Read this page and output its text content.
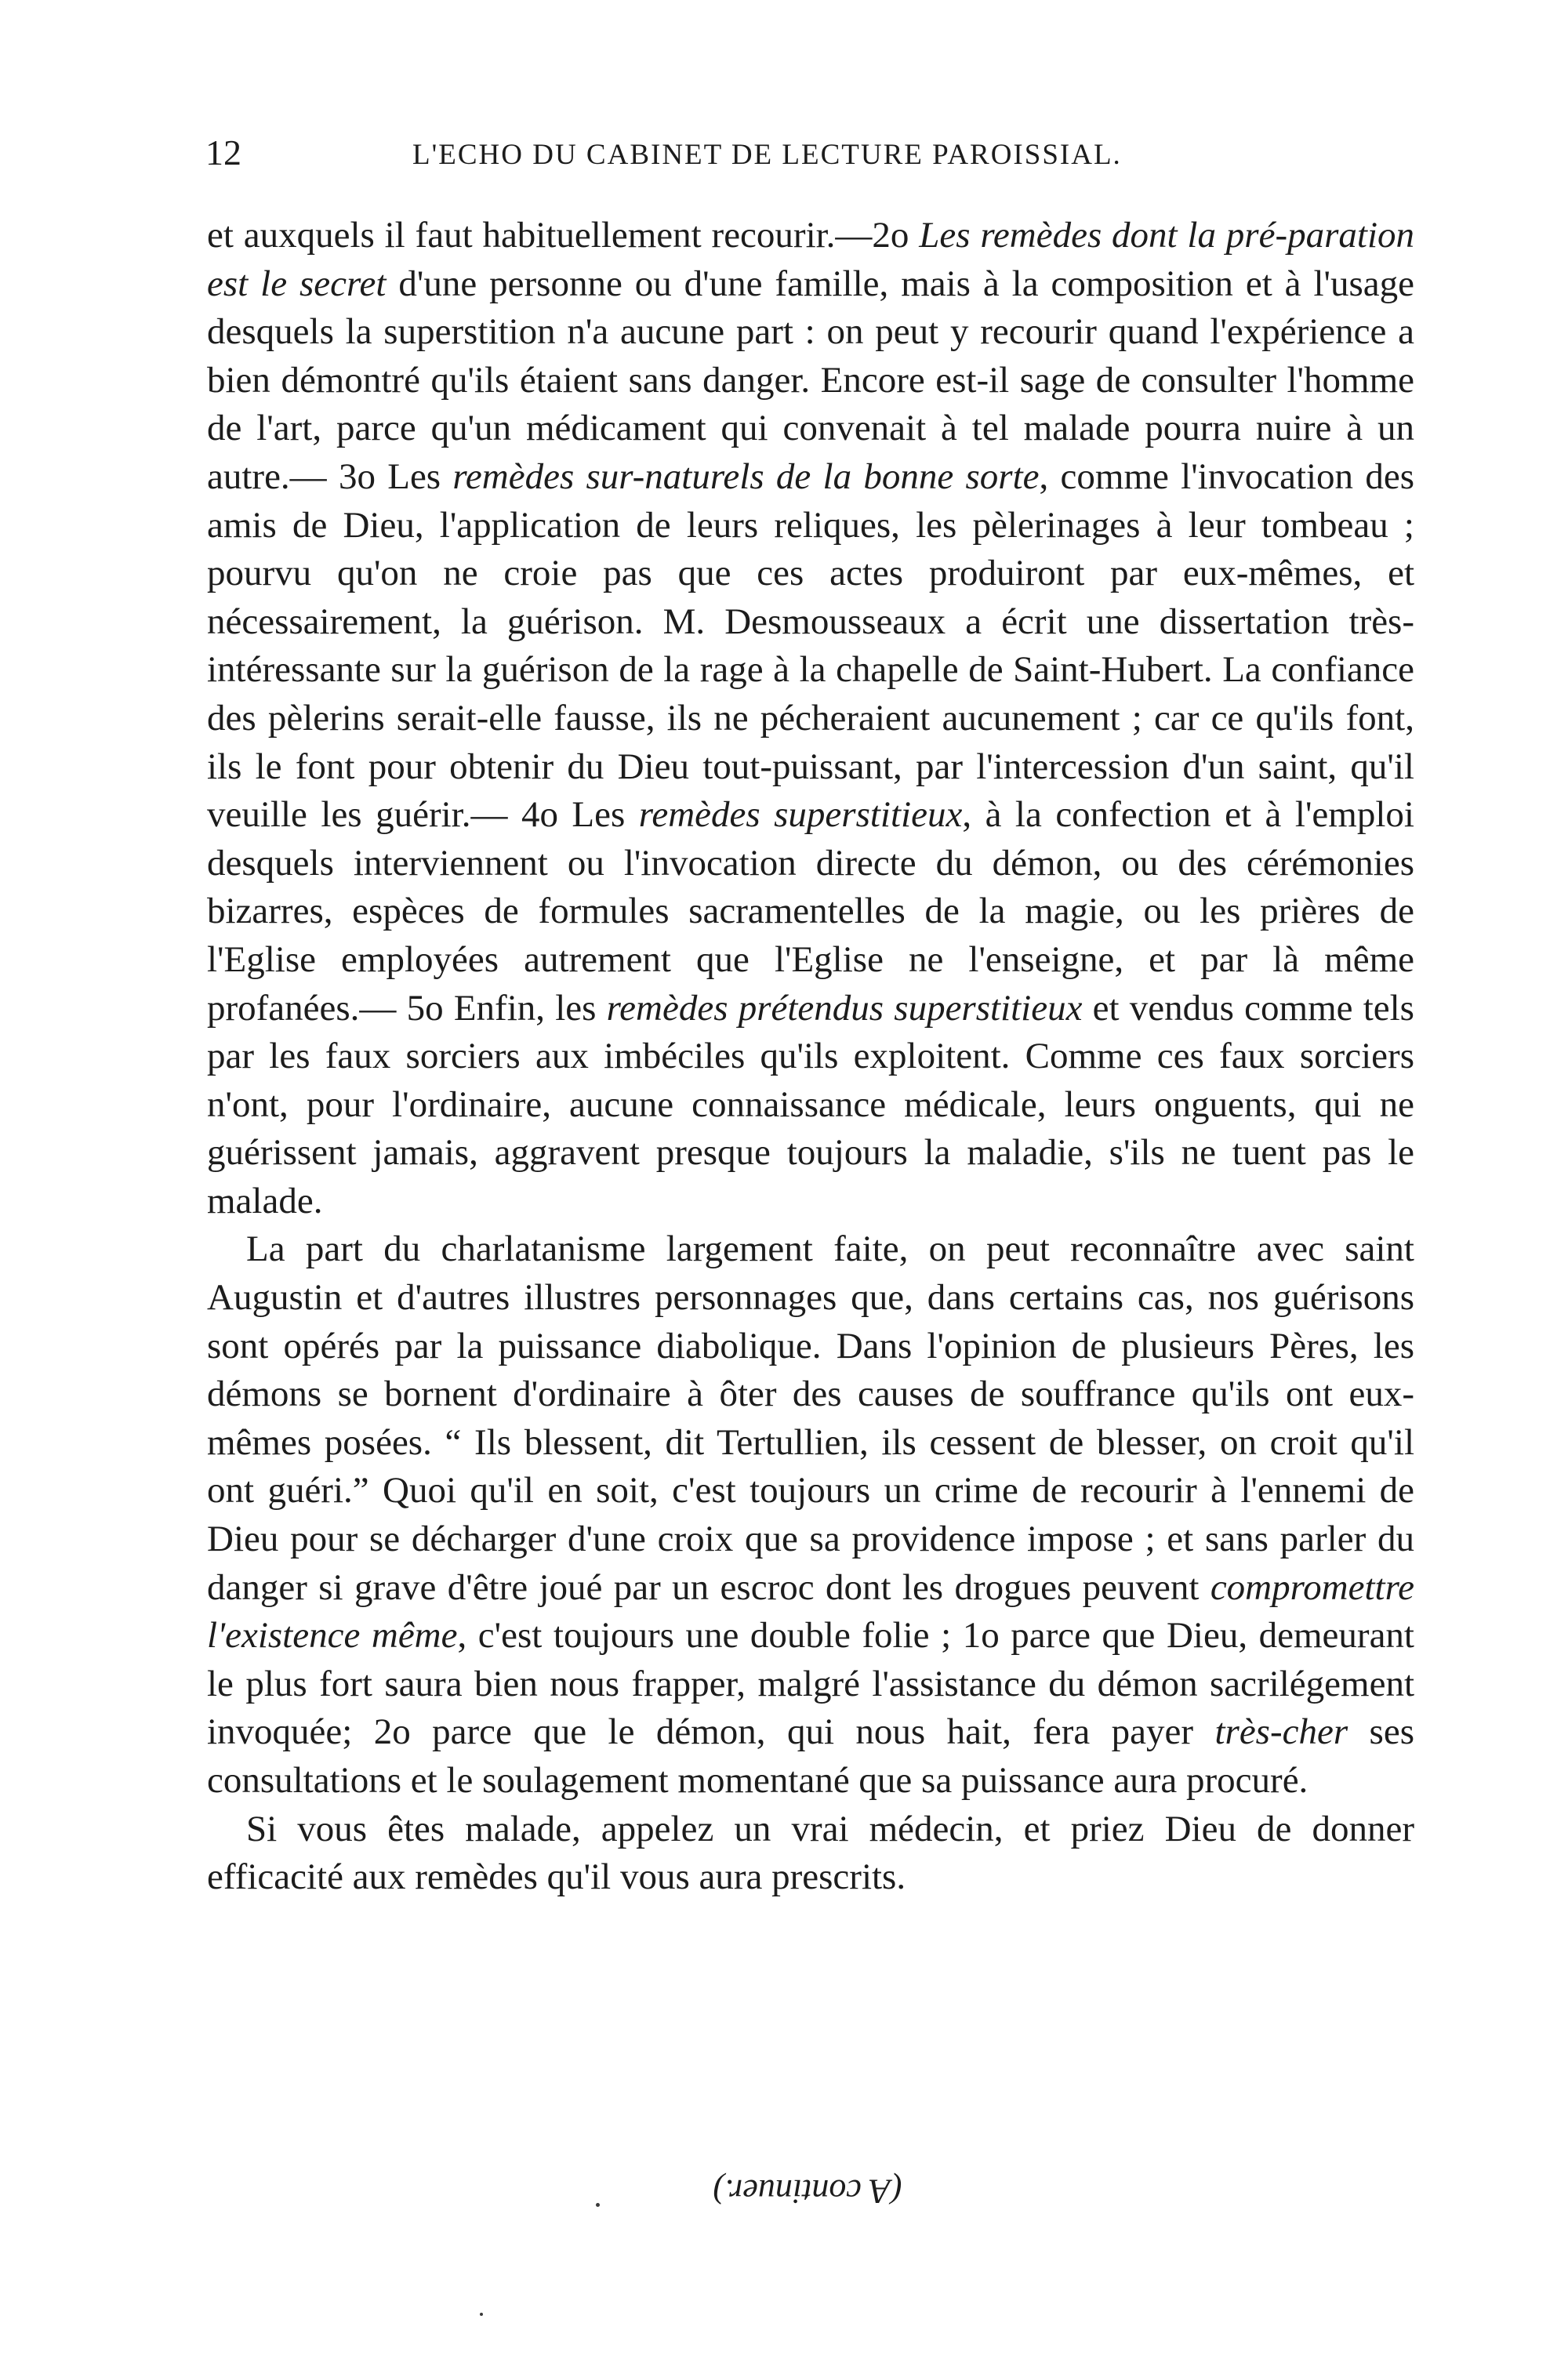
12	L'ECHO DU CABINET DE LECTURE PAROISSIAL.

et auxquels il faut habituellement recourir.—2o Les remèdes dont la pré-paration est le secret d'une personne ou d'une famille, mais à la composition et à l'usage desquels la superstition n'a aucune part : on peut y recourir quand l'expérience a bien démontré qu'ils étaient sans danger. Encore est-il sage de consulter l'homme de l'art, parce qu'un médicament qui convenait à tel malade pourra nuire à un autre.— 3o Les remèdes sur-naturels de la bonne sorte, comme l'invocation des amis de Dieu, l'application de leurs reliques, les pèlerinages à leur tombeau ; pourvu qu'on ne croie pas que ces actes produiront par eux-mêmes, et nécessairement, la guérison. M. Desmousseaux a écrit une dissertation très-intéressante sur la guérison de la rage à la chapelle de Saint-Hubert. La confiance des pèlerins serait-elle fausse, ils ne pécheraient aucunement ; car ce qu'ils font, ils le font pour obtenir du Dieu tout-puissant, par l'intercession d'un saint, qu'il veuille les guérir.— 4o Les remèdes superstitieux, à la confection et à l'emploi desquels interviennent ou l'invocation directe du démon, ou des cérémonies bizarres, espèces de formules sacramentelles de la magie, ou les prières de l'Eglise employées autrement que l'Eglise ne l'enseigne, et par là même profanées.— 5o Enfin, les remèdes prétendus superstitieux et vendus comme tels par les faux sorciers aux imbéciles qu'ils exploitent. Comme ces faux sorciers n'ont, pour l'ordinaire, aucune connaissance médicale, leurs onguents, qui ne guérissent jamais, aggravent presque toujours la maladie, s'ils ne tuent pas le malade.

La part du charlatanisme largement faite, on peut reconnaître avec saint Augustin et d'autres illustres personnages que, dans certains cas, nos guérisons sont opérés par la puissance diabolique. Dans l'opinion de plusieurs Pères, les démons se bornent d'ordinaire à ôter des causes de souffrance qu'ils ont eux-mêmes posées. “ Ils blessent, dit Tertullien, ils cessent de blesser, on croit qu'il ont guéri.” Quoi qu'il en soit, c'est toujours un crime de recourir à l'ennemi de Dieu pour se décharger d'une croix que sa providence impose ; et sans parler du danger si grave d'être joué par un escroc dont les drogues peuvent compromettre l'existence même, c'est toujours une double folie ; 1o parce que Dieu, demeurant le plus fort saura bien nous frapper, malgré l'assistance du démon sacrilégement invoquée; 2o parce que le démon, qui nous hait, fera payer très-cher ses consultations et le soulagement momentané que sa puissance aura procuré.

Si vous êtes malade, appelez un vrai médecin, et priez Dieu de donner efficacité aux remèdes qu'il vous aura prescrits.

(A continuer.)
